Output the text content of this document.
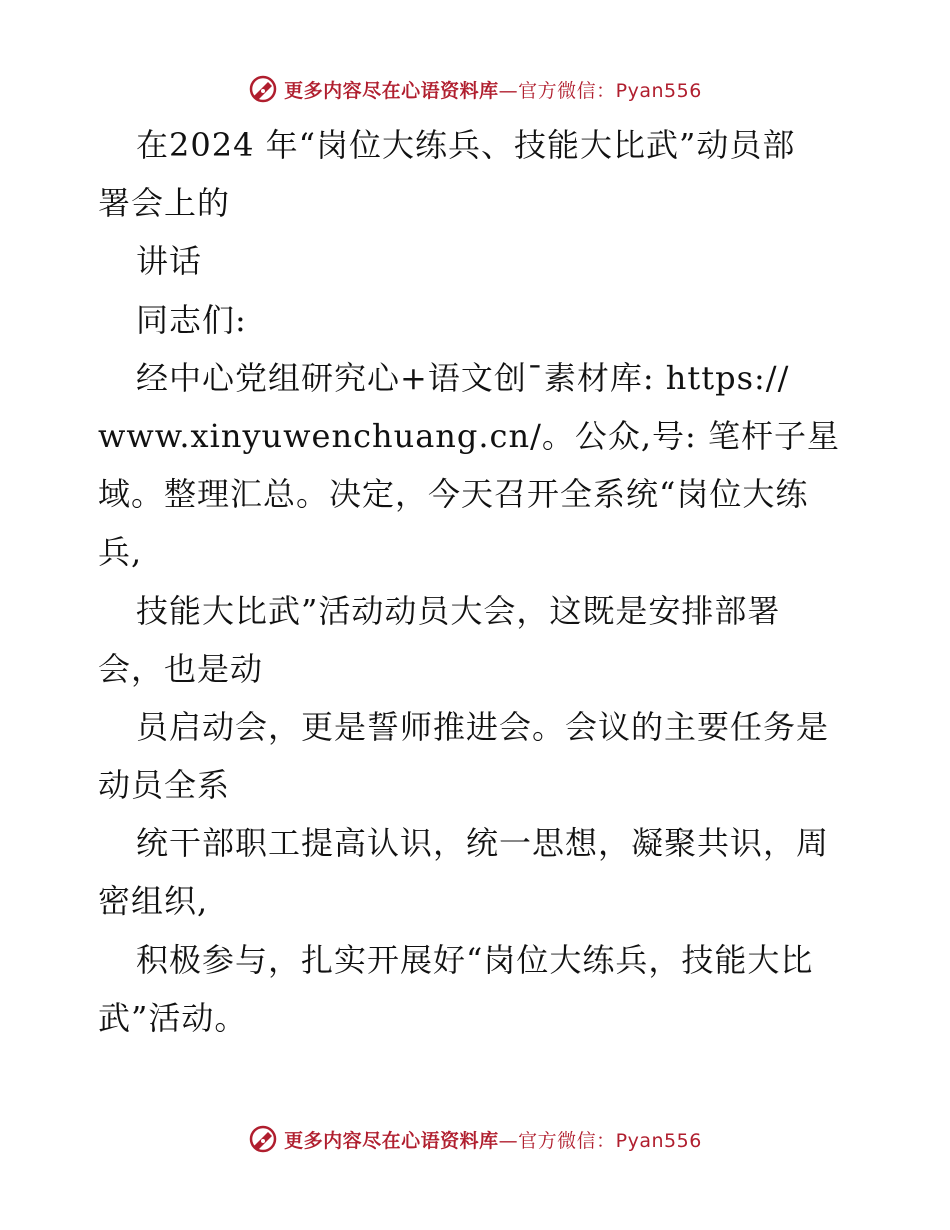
更多内容尽在心语资料库—官方微信：Pyan556
在2024 年“岗位大练兵、技能大比武”动员部
署会上的
讲话
同志们:
经中心党组研究心+语文创¯素材库: https://
www.xinyuwenchuang.cn/。公众,号: 笔杆子星
域。整理汇总。决定，今天召开全系统“岗位大练
兵,
技能大比武”活动动员大会，这既是安排部署
会，也是动
员启动会，更是誓师推进会。会议的主要任务是
动员全系
统干部职工提高认识，统一思想，凝聚共识，周
密组织,
积极参与，扎实开展好“岗位大练兵，技能大比
武”活动。
更多内容尽在心语资料库—官方微信：Pyan556
